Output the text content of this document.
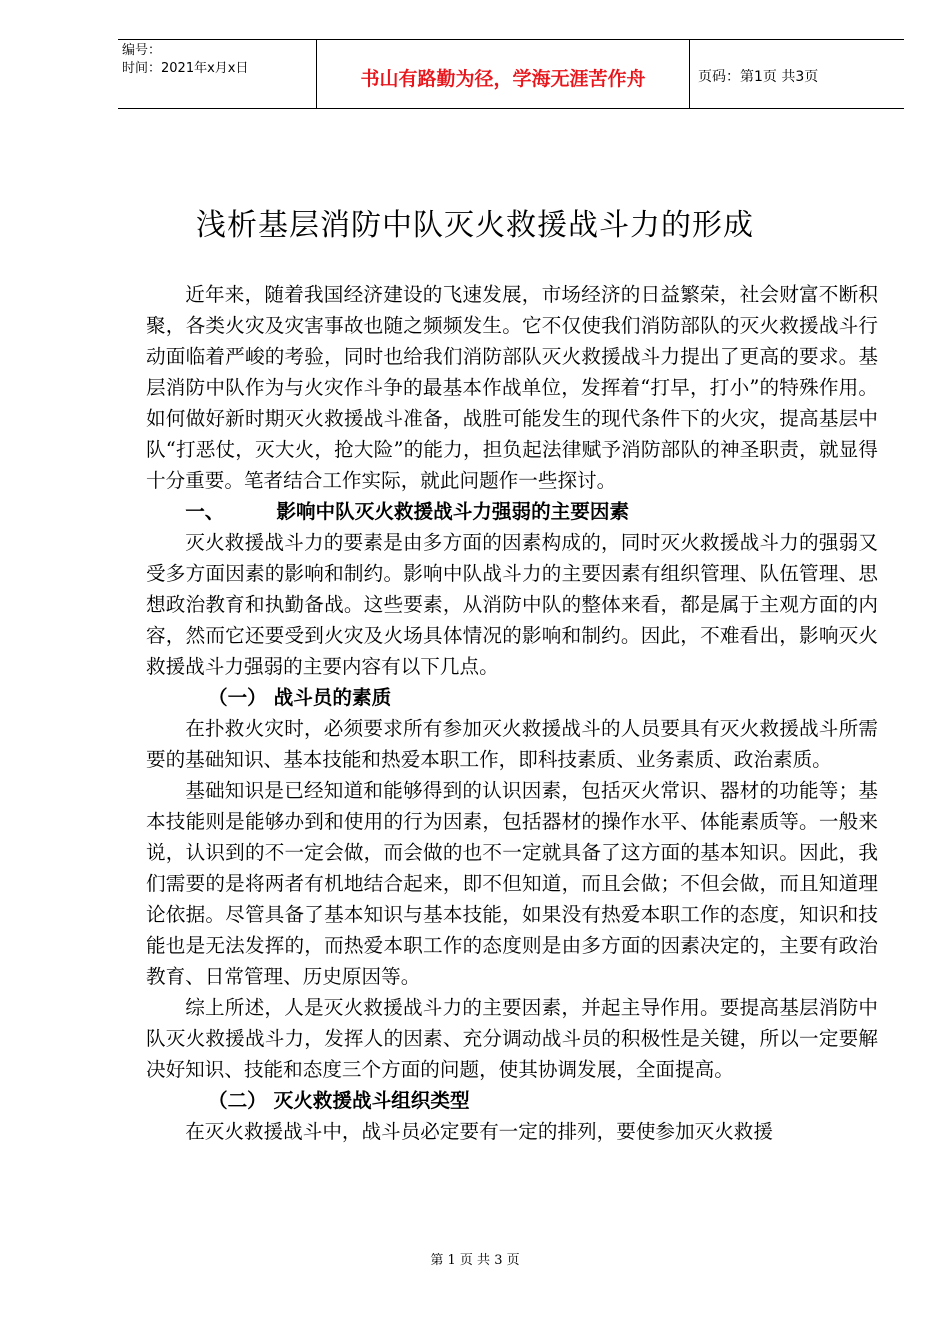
编号：
时间：2021年x月x日	书山有路勤为径，学海无涯苦作舟	页码：第1页 共3页
浅析基层消防中队灭火救援战斗力的形成

近年来，随着我国经济建设的飞速发展，市场经济的日益繁荣，社会财富不断积聚，各类火灾及灾害事故也随之频频发生。它不仅使我们消防部队的灭火救援战斗行动面临着严峻的考验，同时也给我们消防部队灭火救援战斗力提出了更高的要求。基层消防中队作为与火灾作斗争的最基本作战单位，发挥着“打早，打小”的特殊作用。如何做好新时期灭火救援战斗准备，战胜可能发生的现代条件下的火灾，提高基层中队“打恶仗，灭大火，抢大险”的能力，担负起法律赋予消防部队的神圣职责，就显得十分重要。笔者结合工作实际，就此问题作一些探讨。

一、	影响中队灭火救援战斗力强弱的主要因素

灭火救援战斗力的要素是由多方面的因素构成的，同时灭火救援战斗力的强弱又受多方面因素的影响和制约。影响中队战斗力的主要因素有组织管理、队伍管理、思想政治教育和执勤备战。这些要素，从消防中队的整体来看，都是属于主观方面的内容，然而它还要受到火灾及火场具体情况的影响和制约。因此，不难看出，影响灭火救援战斗力强弱的主要内容有以下几点。

（一） 战斗员的素质

在扑救火灾时，必须要求所有参加灭火救援战斗的人员要具有灭火救援战斗所需要的基础知识、基本技能和热爱本职工作，即科技素质、业务素质、政治素质。

基础知识是已经知道和能够得到的认识因素，包括灭火常识、器材的功能等；基本技能则是能够办到和使用的行为因素，包括器材的操作水平、体能素质等。一般来说，认识到的不一定会做，而会做的也不一定就具备了这方面的基本知识。因此，我们需要的是将两者有机地结合起来，即不但知道，而且会做；不但会做，而且知道理论依据。尽管具备了基本知识与基本技能，如果没有热爱本职工作的态度，知识和技能也是无法发挥的，而热爱本职工作的态度则是由多方面的因素决定的，主要有政治教育、日常管理、历史原因等。

综上所述，人是灭火救援战斗力的主要因素，并起主导作用。要提高基层消防中队灭火救援战斗力，发挥人的因素、充分调动战斗员的积极性是关键，所以一定要解决好知识、技能和态度三个方面的问题，使其协调发展，全面提高。

（二） 灭火救援战斗组织类型

在灭火救援战斗中，战斗员必定要有一定的排列，要使参加灭火救援

第 1 页 共 3 页
